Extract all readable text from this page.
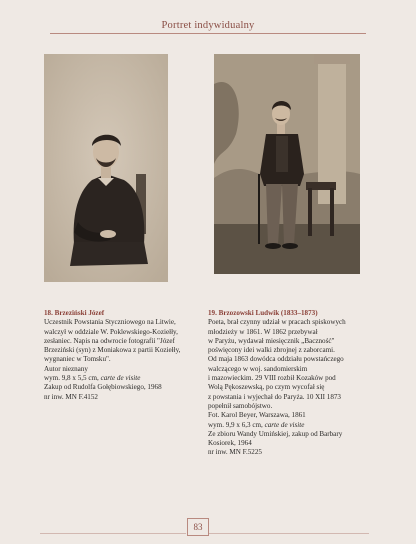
Portret indywidualny
18. Brzeziński Józef
Uczestnik Powstania Styczniowego na Litwie,
walczył w oddziale W. Poklewskiego-Koziełły,
zesłaniec. Napis na odwrocie fotografii "Józef
Brzeziński (syn) z Moniakowa z partii Koziełły,
wygnaniec w Tomsku".
Autor nieznany
wym. 9,8 x 5,5 cm, carte de visite
Zakup od Rudolfa Gołębiowskiego, 1968
nr inw. MN F.4152
19. Brzozowski Ludwik (1833–1873)
Poeta, brał czynny udział w pracach spiskowych
młodzieży w 1861. W 1862 przebywał
w Paryżu, wydawał miesięcznik „Baczność"
poświęcony idei walki zbrojnej z zaborcami.
Od maja 1863 dowódca oddziału powstańczego
walczącego w woj. sandomierskim
i mazowieckim. 29 VIII rozbił Kozaków pod
Wolą Pękoszewską, po czym wycofał się
z powstania i wyjechał do Paryża. 10 XII 1873
popełnił samobójstwo.
Fot. Karol Beyer, Warszawa, 1861
wym. 9,9 x 6,3 cm, carte de visite
Ze zbioru Wandy Umińskiej, zakup od Barbary
Kosiorek, 1964
nr inw. MN F.5225
83
